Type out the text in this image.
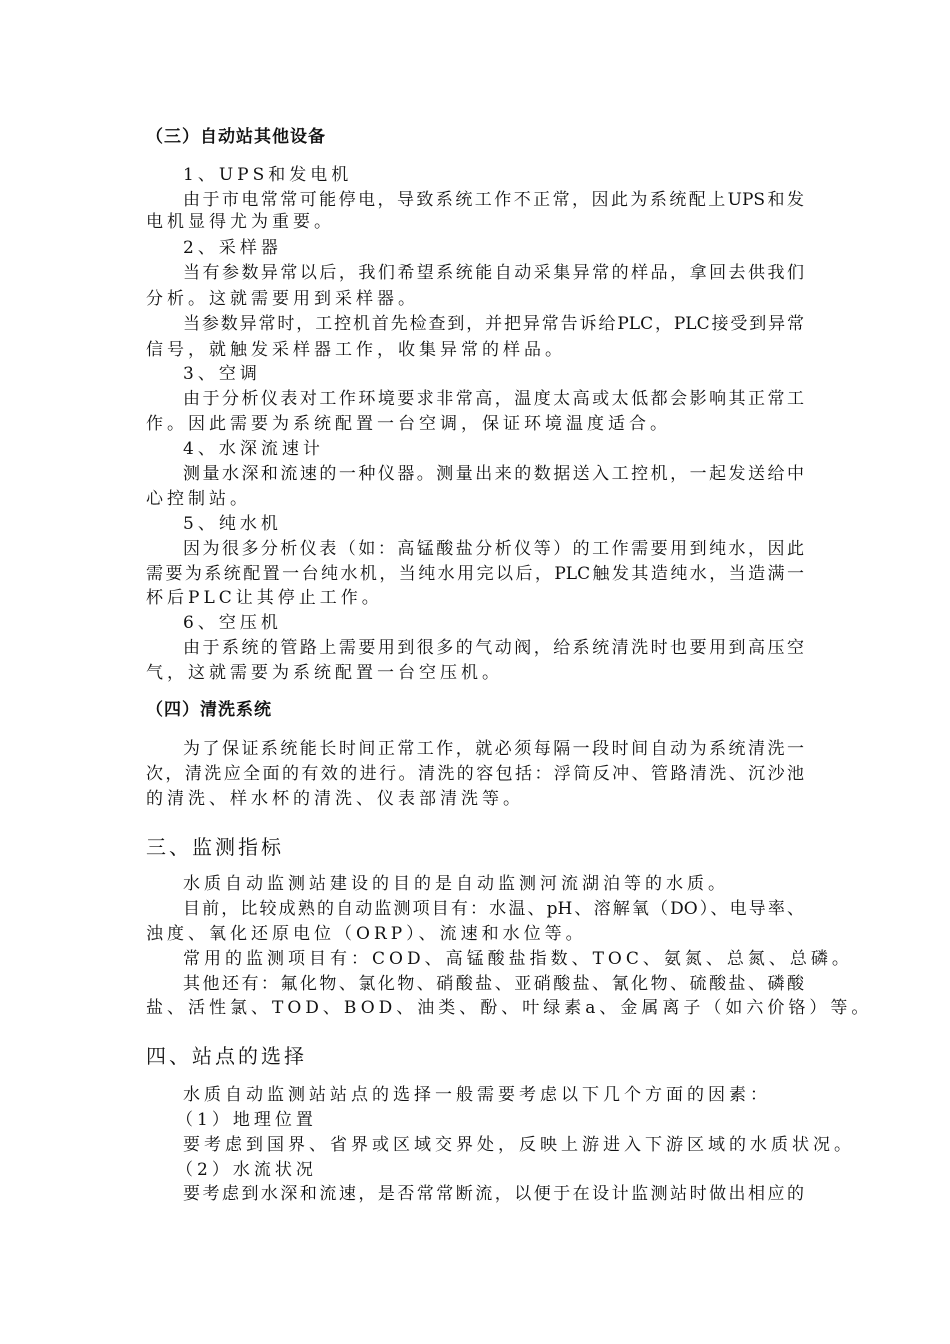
（三）自动站其他设备
1、UPS和发电机
由于市电常常可能停电，导致系统工作不正常，因此为系统配上UPS和发
电机显得尤为重要。
2、采样器
当有参数异常以后，我们希望系统能自动采集异常的样品，拿回去供我们
分析。这就需要用到采样器。
当参数异常时，工控机首先检查到，并把异常告诉给PLC，PLC接受到异常
信号，就触发采样器工作，收集异常的样品。
3、空调
由于分析仪表对工作环境要求非常高，温度太高或太低都会影响其正常工
作。因此需要为系统配置一台空调，保证环境温度适合。
4、水深流速计
测量水深和流速的一种仪器。测量出来的数据送入工控机，一起发送给中
心控制站。
5、纯水机
因为很多分析仪表（如：高锰酸盐分析仪等）的工作需要用到纯水，因此
需要为系统配置一台纯水机，当纯水用完以后，PLC触发其造纯水，当造满一
杯后PLC让其停止工作。
6、空压机
由于系统的管路上需要用到很多的气动阀，给系统清洗时也要用到高压空
气，这就需要为系统配置一台空压机。
（四）清洗系统
为了保证系统能长时间正常工作，就必须每隔一段时间自动为系统清洗一
次，清洗应全面的有效的进行。清洗的容包括：浮筒反冲、管路清洗、沉沙池
的清洗、样水杯的清洗、仪表部清洗等。
三、监测指标
水质自动监测站建设的目的是自动监测河流湖泊等的水质。
目前，比较成熟的自动监测项目有：水温、pH、溶解氧（DO）、电导率、
浊度、氧化还原电位（ORP）、流速和水位等。
常用的监测项目有：COD、高锰酸盐指数、TOC、氨氮、总氮、总磷。
其他还有：氟化物、氯化物、硝酸盐、亚硝酸盐、氰化物、硫酸盐、磷酸
盐、活性氯、TOD、BOD、油类、酚、叶绿素a、金属离子（如六价铬）等。
四、站点的选择
水质自动监测站站点的选择一般需要考虑以下几个方面的因素：
（1）地理位置
要考虑到国界、省界或区域交界处，反映上游进入下游区域的水质状况。
（2）水流状况
要考虑到水深和流速，是否常常断流，以便于在设计监测站时做出相应的
